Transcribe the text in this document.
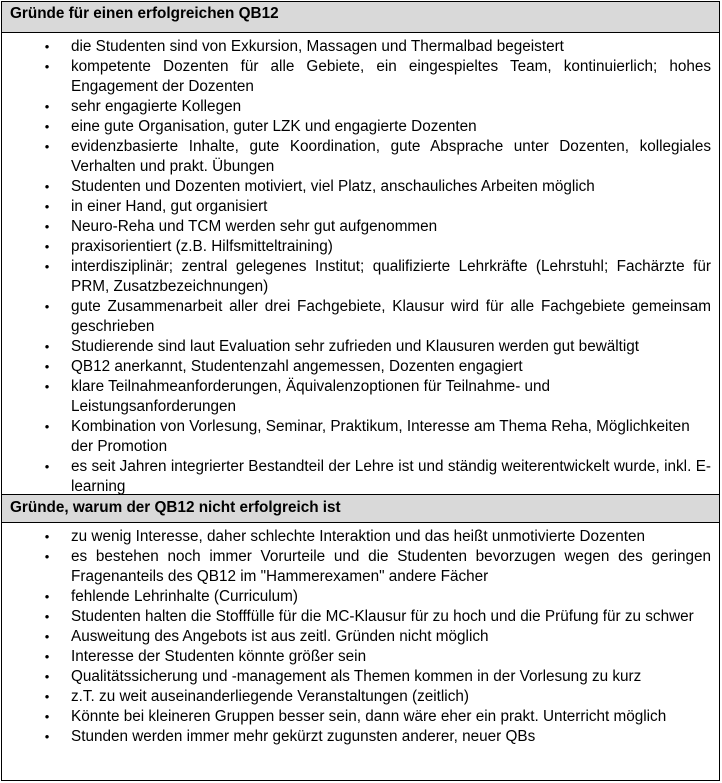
Gründe für einen erfolgreichen QB12
• die Studenten sind von Exkursion, Massagen und Thermalbad begeistert
• kompetente Dozenten für alle Gebiete, ein eingespieltes Team, kontinuierlich; hohes Engagement der Dozenten
• sehr engagierte Kollegen
• eine gute Organisation, guter LZK und engagierte Dozenten
• evidenzbasierte Inhalte, gute Koordination, gute Absprache unter Dozenten, kollegiales Verhalten und prakt. Übungen
• Studenten und Dozenten motiviert, viel Platz, anschauliches Arbeiten möglich
• in einer Hand, gut organisiert
• Neuro-Reha und TCM werden sehr gut aufgenommen
• praxisorientiert (z.B. Hilfsmitteltraining)
• interdisziplinär; zentral gelegenes Institut; qualifizierte Lehrkräfte (Lehrstuhl; Fachärzte für PRM, Zusatzbezeichnungen)
• gute Zusammenarbeit aller drei Fachgebiete, Klausur wird für alle Fachgebiete gemeinsam geschrieben
• Studierende sind laut Evaluation sehr zufrieden und Klausuren werden gut bewältigt
• QB12 anerkannt, Studentenzahl angemessen, Dozenten engagiert
• klare Teilnahmeanforderungen, Äquivalenzoptionen für Teilnahme- und Leistungsanforderungen
• Kombination von Vorlesung, Seminar, Praktikum, Interesse am Thema Reha, Möglichkeiten der Promotion
• es seit Jahren integrierter Bestandteil der Lehre ist und ständig weiterentwickelt wurde, inkl. E-learning
Gründe, warum der QB12 nicht erfolgreich ist
• zu wenig Interesse, daher schlechte Interaktion und das heißt unmotivierte Dozenten
• es bestehen noch immer Vorurteile und die Studenten bevorzugen wegen des geringen Fragenanteils des QB12 im "Hammerexamen" andere Fächer
• fehlende Lehrinhalte (Curriculum)
• Studenten halten die Stofffülle für die MC-Klausur für zu hoch und die Prüfung für zu schwer
• Ausweitung des Angebots ist aus zeitl. Gründen nicht möglich
• Interesse der Studenten könnte größer sein
• Qualitätssicherung und -management als Themen kommen in der Vorlesung zu kurz
• z.T. zu weit auseinanderliegende Veranstaltungen (zeitlich)
• Könnte bei kleineren Gruppen besser sein, dann wäre eher ein prakt. Unterricht möglich
• Stunden werden immer mehr gekürzt zugunsten anderer, neuer QBs
